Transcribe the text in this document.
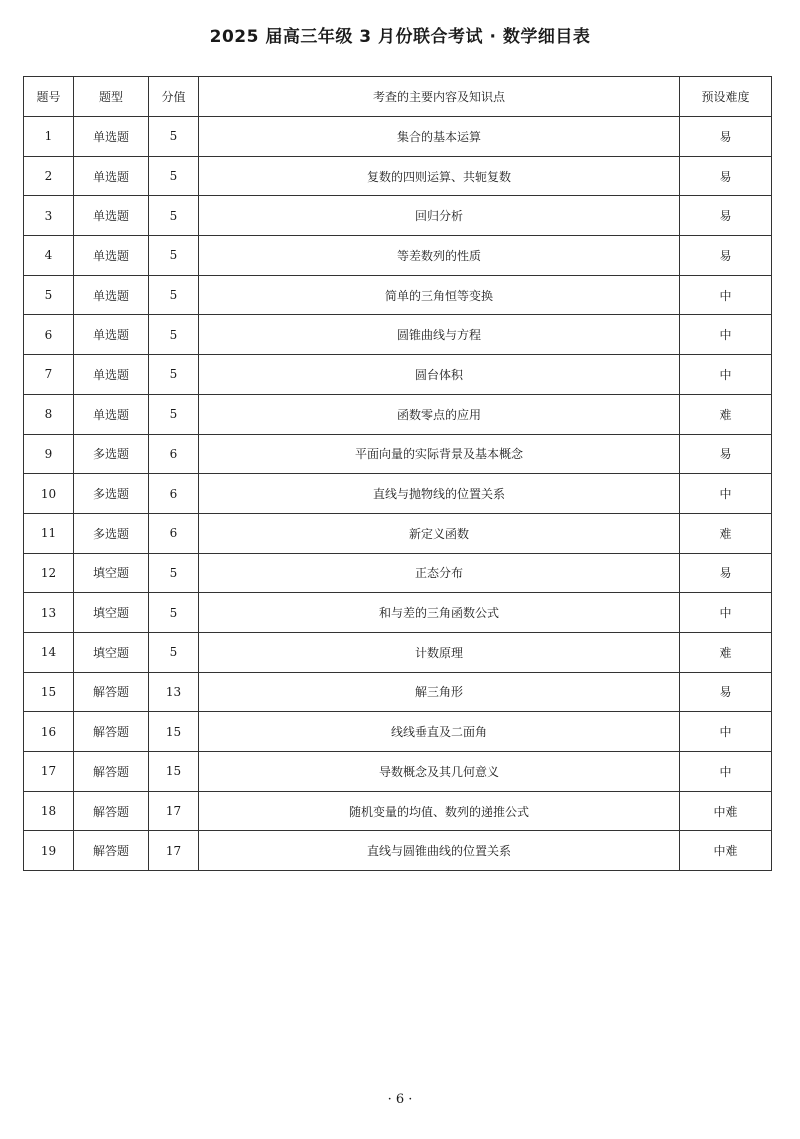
2025 届高三年级 3 月份联合考试 · 数学细目表
题号	题型	分值	考查的主要内容及知识点	预设难度
1	单选题	5	集合的基本运算	易
2	单选题	5	复数的四则运算、共轭复数	易
3	单选题	5	回归分析	易
4	单选题	5	等差数列的性质	易
5	单选题	5	简单的三角恒等变换	中
6	单选题	5	圆锥曲线与方程	中
7	单选题	5	圆台体积	中
8	单选题	5	函数零点的应用	难
9	多选题	6	平面向量的实际背景及基本概念	易
10	多选题	6	直线与抛物线的位置关系	中
11	多选题	6	新定义函数	难
12	填空题	5	正态分布	易
13	填空题	5	和与差的三角函数公式	中
14	填空题	5	计数原理	难
15	解答题	13	解三角形	易
16	解答题	15	线线垂直及二面角	中
17	解答题	15	导数概念及其几何意义	中
18	解答题	17	随机变量的均值、数列的递推公式	中难
19	解答题	17	直线与圆锥曲线的位置关系	中难
· 6 ·
